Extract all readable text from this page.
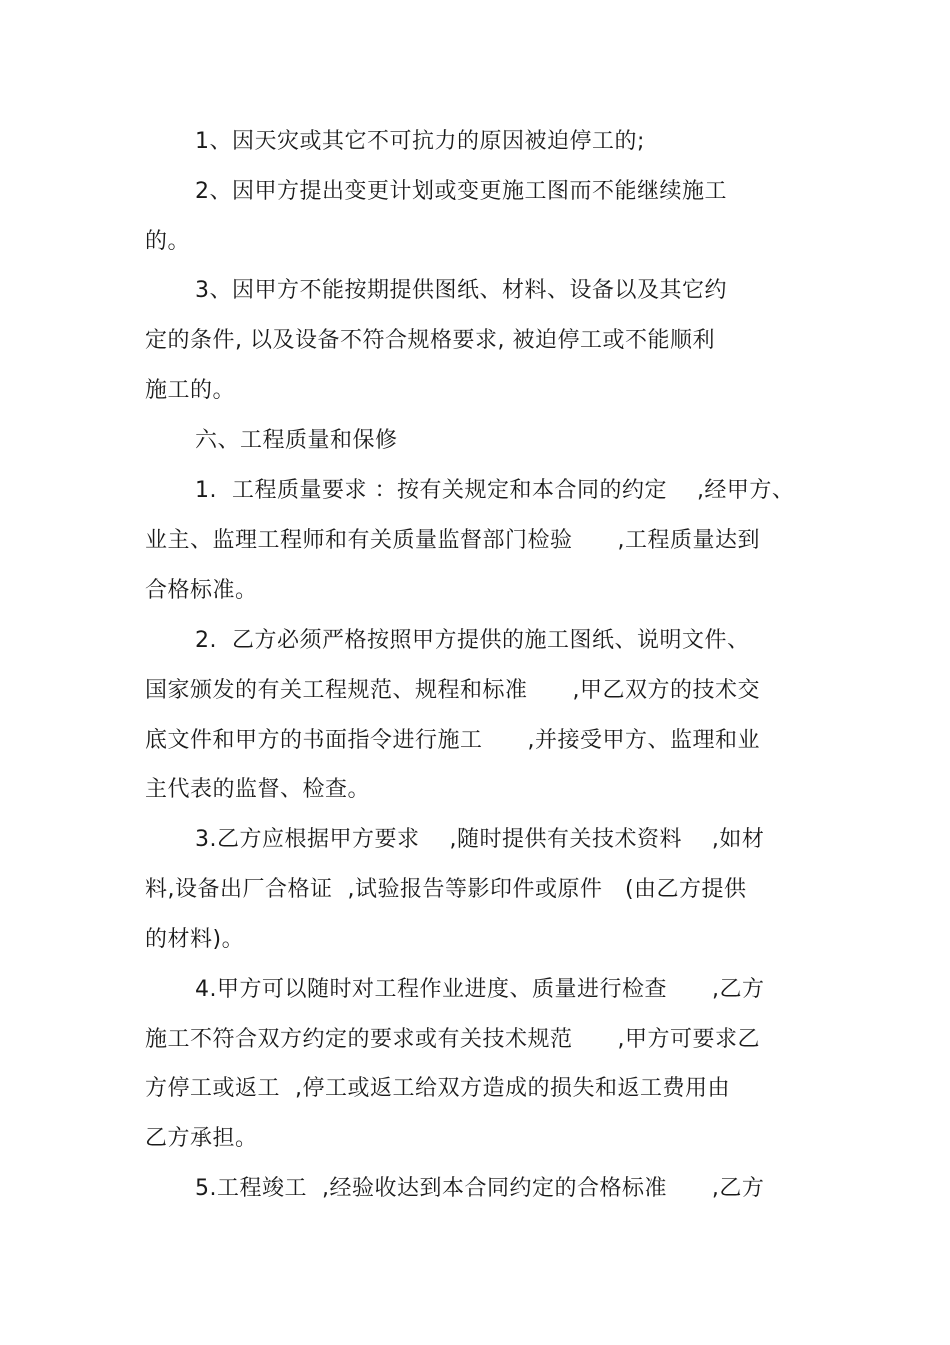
1、因天灾或其它不可抗力的原因被迫停工的;
2、因甲方提出变更计划或变更施工图而不能继续施工
的。
3、因甲方不能按期提供图纸、材料、设备以及其它约
定的条件, 以及设备不符合规格要求, 被迫停工或不能顺利
施工的。
六、工程质量和保修
1.  工程质量要求 ：按有关规定和本合同的约定    ,经甲方、
业主、监理工程师和有关质量监督部门检验      ,工程质量达到
合格标准。
2.  乙方必须严格按照甲方提供的施工图纸、说明文件、
国家颁发的有关工程规范、规程和标准      ,甲乙双方的技术交
底文件和甲方的书面指令进行施工      ,并接受甲方、监理和业
主代表的监督、检查。
3.乙方应根据甲方要求    ,随时提供有关技术资料    ,如材
料,设备出厂合格证  ,试验报告等影印件或原件   (由乙方提供
的材料)。
4.甲方可以随时对工程作业进度、质量进行检查      ,乙方
施工不符合双方约定的要求或有关技术规范      ,甲方可要求乙
方停工或返工  ,停工或返工给双方造成的损失和返工费用由
乙方承担。
5.工程竣工  ,经验收达到本合同约定的合格标准      ,乙方
